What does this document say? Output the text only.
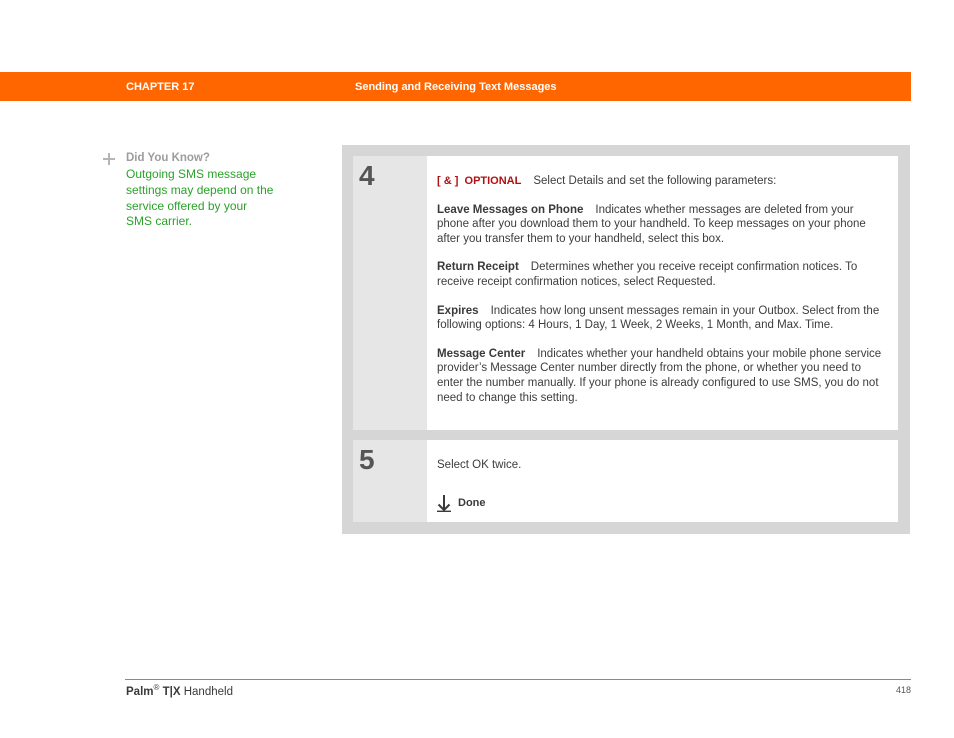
CHAPTER 17	Sending and Receiving Text Messages
Did You Know?
Outgoing SMS message settings may depend on the service offered by your SMS carrier.
4	[ & ] OPTIONAL Select Details and set the following parameters:

Leave Messages on Phone Indicates whether messages are deleted from your phone after you download them to your handheld. To keep messages on your phone after you transfer them to your handheld, select this box.

Return Receipt Determines whether you receive receipt confirmation notices. To receive receipt confirmation notices, select Requested.

Expires Indicates how long unsent messages remain in your Outbox. Select from the following options: 4 Hours, 1 Day, 1 Week, 2 Weeks, 1 Month, and Max. Time.

Message Center Indicates whether your handheld obtains your mobile phone service provider’s Message Center number directly from the phone, or whether you need to enter the number manually. If your phone is already configured to use SMS, you do not need to change this setting.

5	Select OK twice.
Done
Palm® T|X Handheld	418
